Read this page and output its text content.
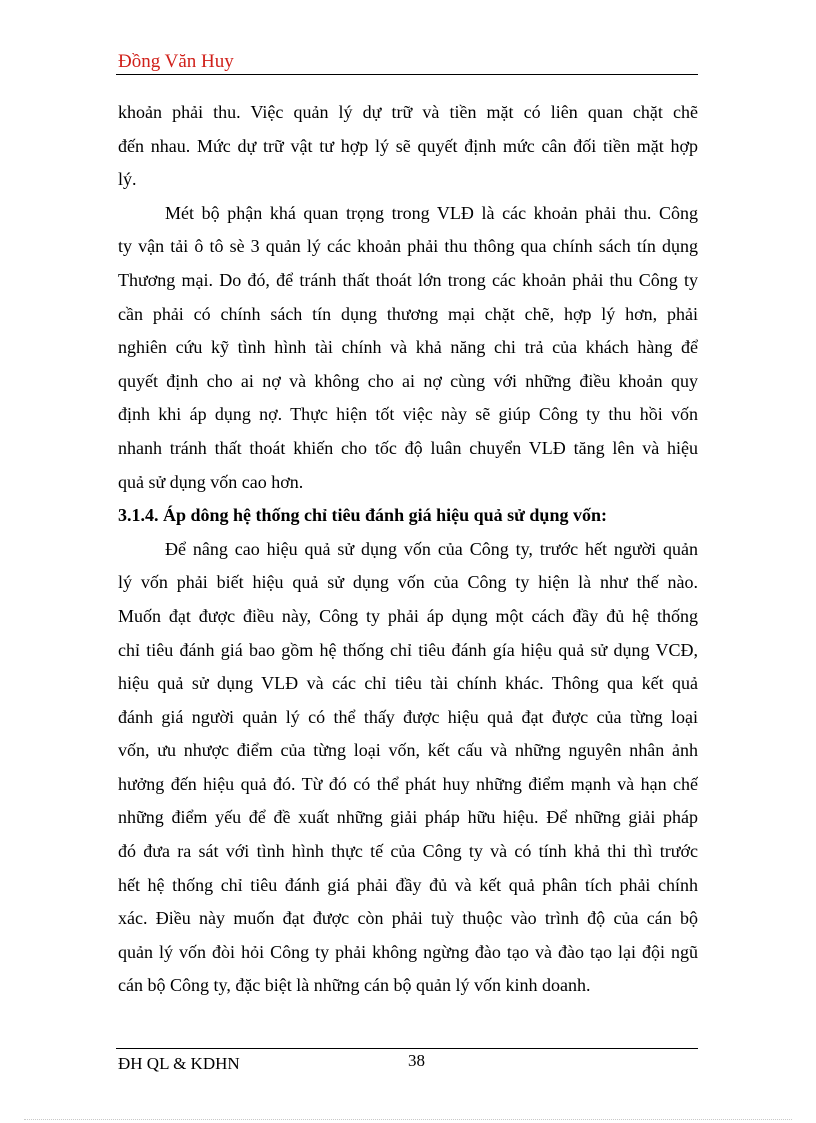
Đồng Văn Huy
khoản phải thu. Việc quản lý dự trữ và tiền mặt có liên quan chặt chẽ
đến nhau. Mức dự trữ vật tư hợp lý sẽ quyết định mức cân đối tiền mặt hợp
lý.
Mét bộ phận khá quan trọng trong VLĐ là các khoản phải thu. Công
ty vận tải ô tô sè 3 quản lý các khoản phải thu thông qua chính sách tín dụng
Thương mại. Do đó, để tránh thất thoát lớn trong các khoản phải thu Công ty
cần phải có chính sách tín dụng thương mại chặt chẽ, hợp lý hơn, phải
nghiên cứu kỹ tình hình tài chính và khả năng chi trả của khách hàng để
quyết định cho ai nợ và không cho ai nợ cùng với những điều khoản quy
định khi áp dụng nợ. Thực hiện tốt việc này sẽ giúp Công ty thu hồi vốn
nhanh tránh thất thoát khiến cho tốc độ luân chuyển VLĐ tăng lên và hiệu
quả sử dụng vốn cao hơn.
3.1.4. Áp dông hệ thống chỉ tiêu đánh giá hiệu quả sử dụng vốn:
Để nâng cao hiệu quả sử dụng vốn của Công ty, trước hết người quản
lý vốn phải biết hiệu quả sử dụng vốn của Công ty hiện là như thế nào.
Muốn đạt được điều này, Công ty phải áp dụng một cách đầy đủ hệ thống
chỉ tiêu đánh giá bao gồm hệ thống chỉ tiêu đánh gía hiệu quả sử dụng VCĐ,
hiệu quả sử dụng VLĐ và các chỉ tiêu tài chính khác. Thông qua kết quả
đánh giá người quản lý có thể thấy được hiệu quả đạt được của từng loại
vốn, ưu nhược điểm của từng loại vốn, kết cấu và những nguyên nhân ảnh
hưởng đến hiệu quả đó. Từ đó có thể phát huy những điểm mạnh và hạn chế
những điểm yếu để đề xuất những giải pháp hữu hiệu. Để những giải pháp
đó đưa ra sát với tình hình thực tế của Công ty và có tính khả thi thì trước
hết hệ thống chỉ tiêu đánh giá phải đầy đủ và kết quả phân tích phải chính
xác. Điều này muốn đạt được còn phải tuỳ thuộc vào trình độ của cán bộ
quản lý vốn đòi hỏi Công ty phải không ngừng đào tạo và đào tạo lại đội ngũ
cán bộ Công ty, đặc biệt là những cán bộ quản lý vốn kinh doanh.
ĐH QL & KDHN	38
